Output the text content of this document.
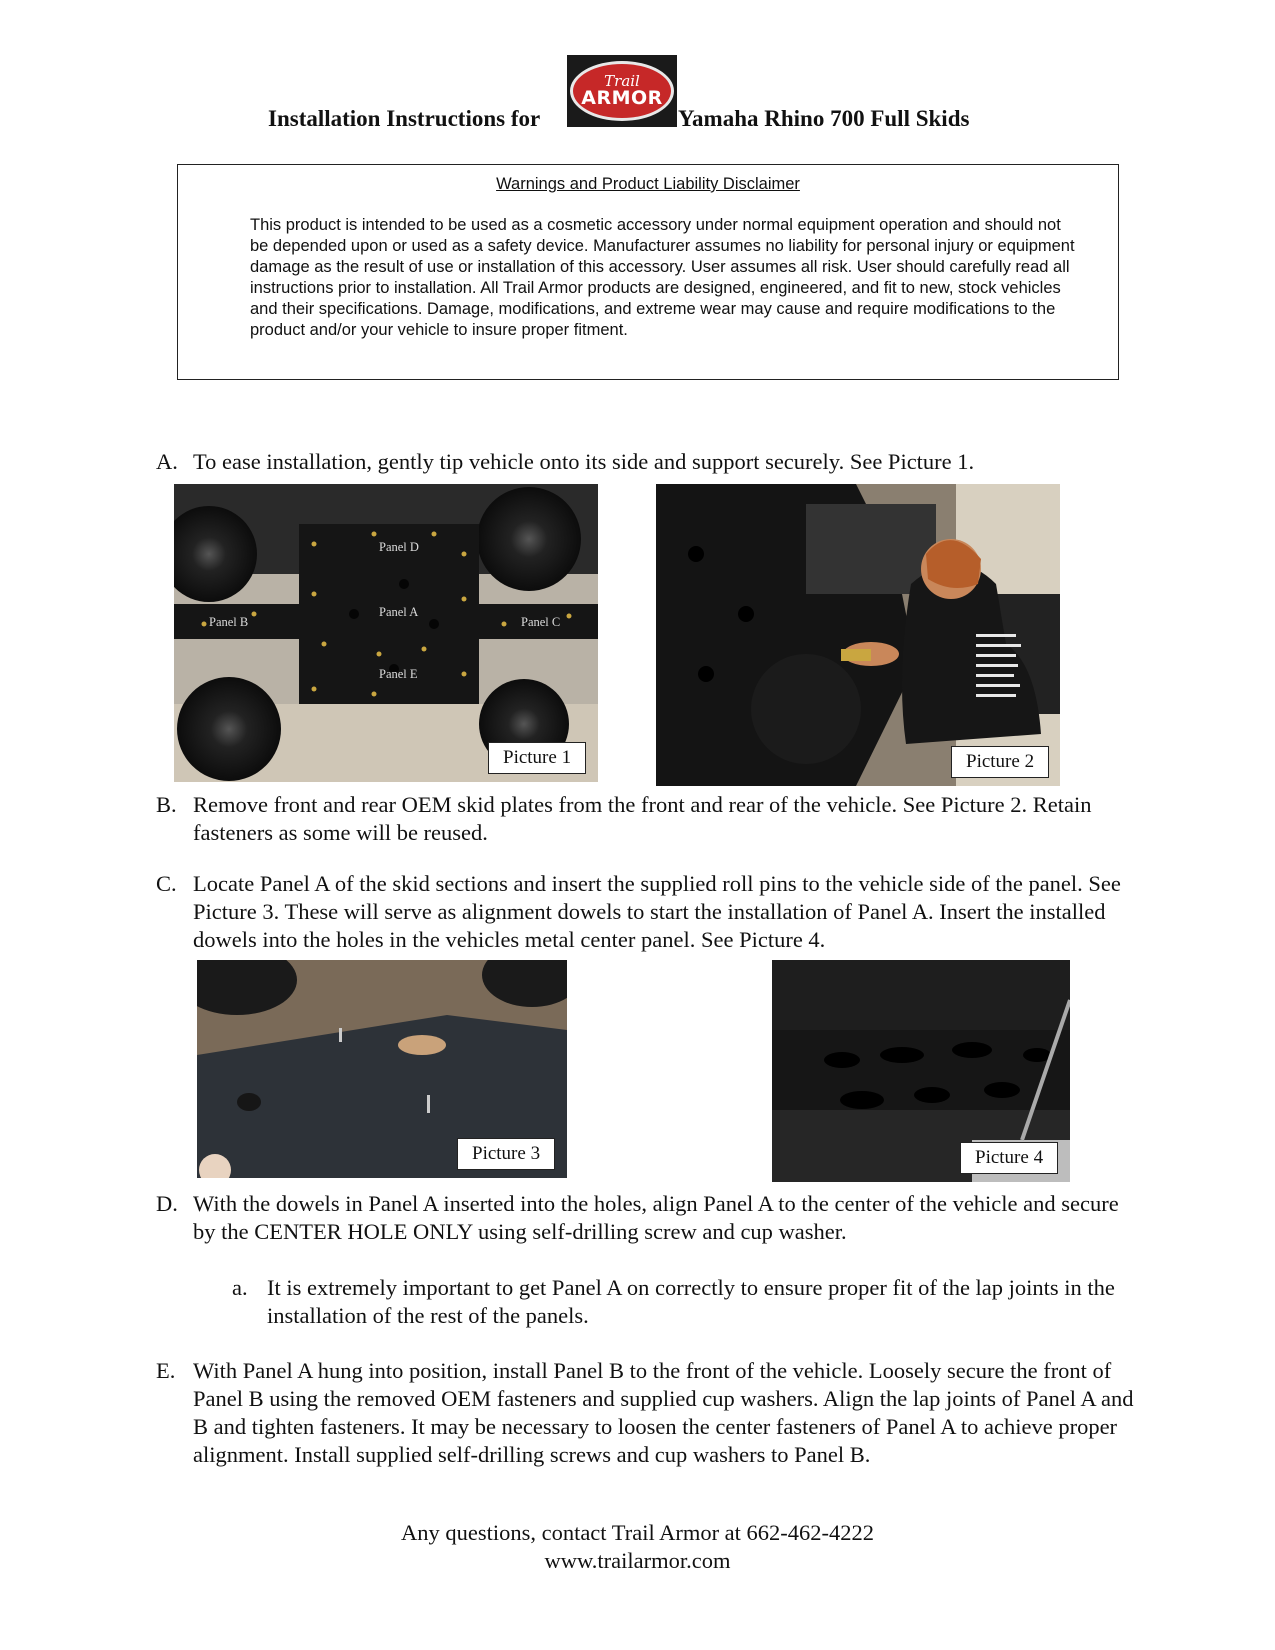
Installation Instructions for
Trail
ARMOR
Yamaha Rhino 700 Full Skids
Warnings and Product Liability Disclaimer
This product is intended to be used as a cosmetic accessory under normal equipment operation and should not be depended upon or used as a safety device. Manufacturer assumes no liability for personal injury or equipment damage as the result of use or installation of this accessory. User assumes all risk. User should carefully read all instructions prior to installation. All Trail Armor products are designed, engineered, and fit to new, stock vehicles and their specifications. Damage, modifications, and extreme wear may cause and require modifications to the product and/or your vehicle to insure proper fitment.
A. To ease installation, gently tip vehicle onto its side and support securely. See Picture 1.
Panel D
Panel A
Panel B	Panel C
Panel E
Picture 1	Picture 2
B. Remove front and rear OEM skid plates from the front and rear of the vehicle. See Picture 2. Retain fasteners as some will be reused.
C. Locate Panel A of the skid sections and insert the supplied roll pins to the vehicle side of the panel. See Picture 3. These will serve as alignment dowels to start the installation of Panel A. Insert the installed dowels into the holes in the vehicles metal center panel. See Picture 4.
Picture 3	Picture 4
D. With the dowels in Panel A inserted into the holes, align Panel A to the center of the vehicle and secure by the CENTER HOLE ONLY using self-drilling screw and cup washer.
a. It is extremely important to get Panel A on correctly to ensure proper fit of the lap joints in the installation of the rest of the panels.
E. With Panel A hung into position, install Panel B to the front of the vehicle. Loosely secure the front of Panel B using the removed OEM fasteners and supplied cup washers. Align the lap joints of Panel A and B and tighten fasteners. It may be necessary to loosen the center fasteners of Panel A to achieve proper alignment. Install supplied self-drilling screws and cup washers to Panel B.
Any questions, contact Trail Armor at 662-462-4222
www.trailarmor.com
